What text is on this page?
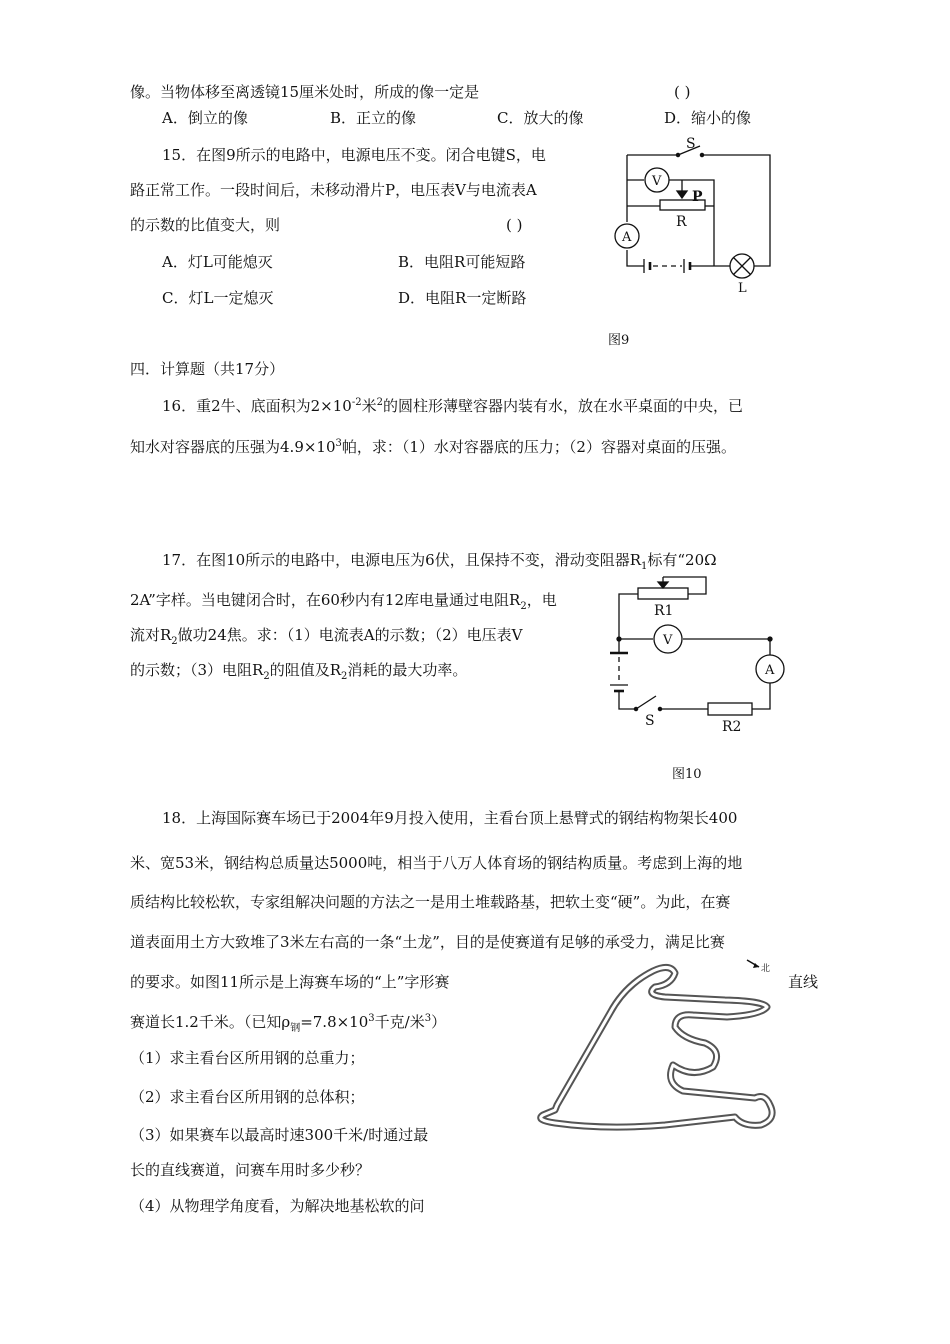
像。当物体移至离透镜15厘米处时，所成的像一定是	( )
A．倒立的像	B．正立的像	C．放大的像	D．缩小的像
15．在图9所示的电路中，电源电压不变。闭合电键S，电
路正常工作。一段时间后，未移动滑片P，电压表V与电流表A
的示数的比值变大，则	( )
A．灯L可能熄灭	B．电阻R可能短路
C．灯L一定熄灭	D．电阻R一定断路
S
V
P
R
A
L
图9
四．计算题（共17分）
16．重2牛、底面积为$2\times 10^{-2}$米$^2$的圆柱形薄壁容器内装有水，放在水平桌面的中央，已
知水对容器底的压强为$4.9\times 10^3$帕，求：（1）水对容器底的压力；（2）容器对桌面的压强。
17．在图10所示的电路中，电源电压为6伏，且保持不变，滑动变阻器$R_1$标有“20Ω
2A”字样。当电键闭合时，在60秒内有12库电量通过电阻$R_2$，电
流对$R_2$做功24焦。求：（1）电流表A的示数；（2）电压表V
的示数；（3）电阻$R_2$的阻值及$R_2$消耗的最大功率。
R1
V
A
S	R2
图10
18．上海国际赛车场已于2004年9月投入使用，主看台顶上悬臂式的钢结构物架长400
米、宽53米，钢结构总质量达5000吨，相当于八万人体育场的钢结构质量。考虑到上海的地
质结构比较松软，专家组解决问题的方法之一是用土堆载路基，把软土变“硬”。为此，在赛
道表面用土方大致堆了3米左右高的一条“土龙”，目的是使赛道有足够的承受力，满足比赛
的要求。如图11所示是上海赛车场的“上”字形赛	直线
赛道长1.2千米。（已知$\rho_钢=7.8\times 10^3$千克/米$^3$）
（1）求主看台区所用钢的总重力；
（2）求主看台区所用钢的总体积；
（3）如果赛车以最高时速300千米/时通过最
长的直线赛道，问赛车用时多少秒？
（4）从物理学角度看，为解决地基松软的问
北
